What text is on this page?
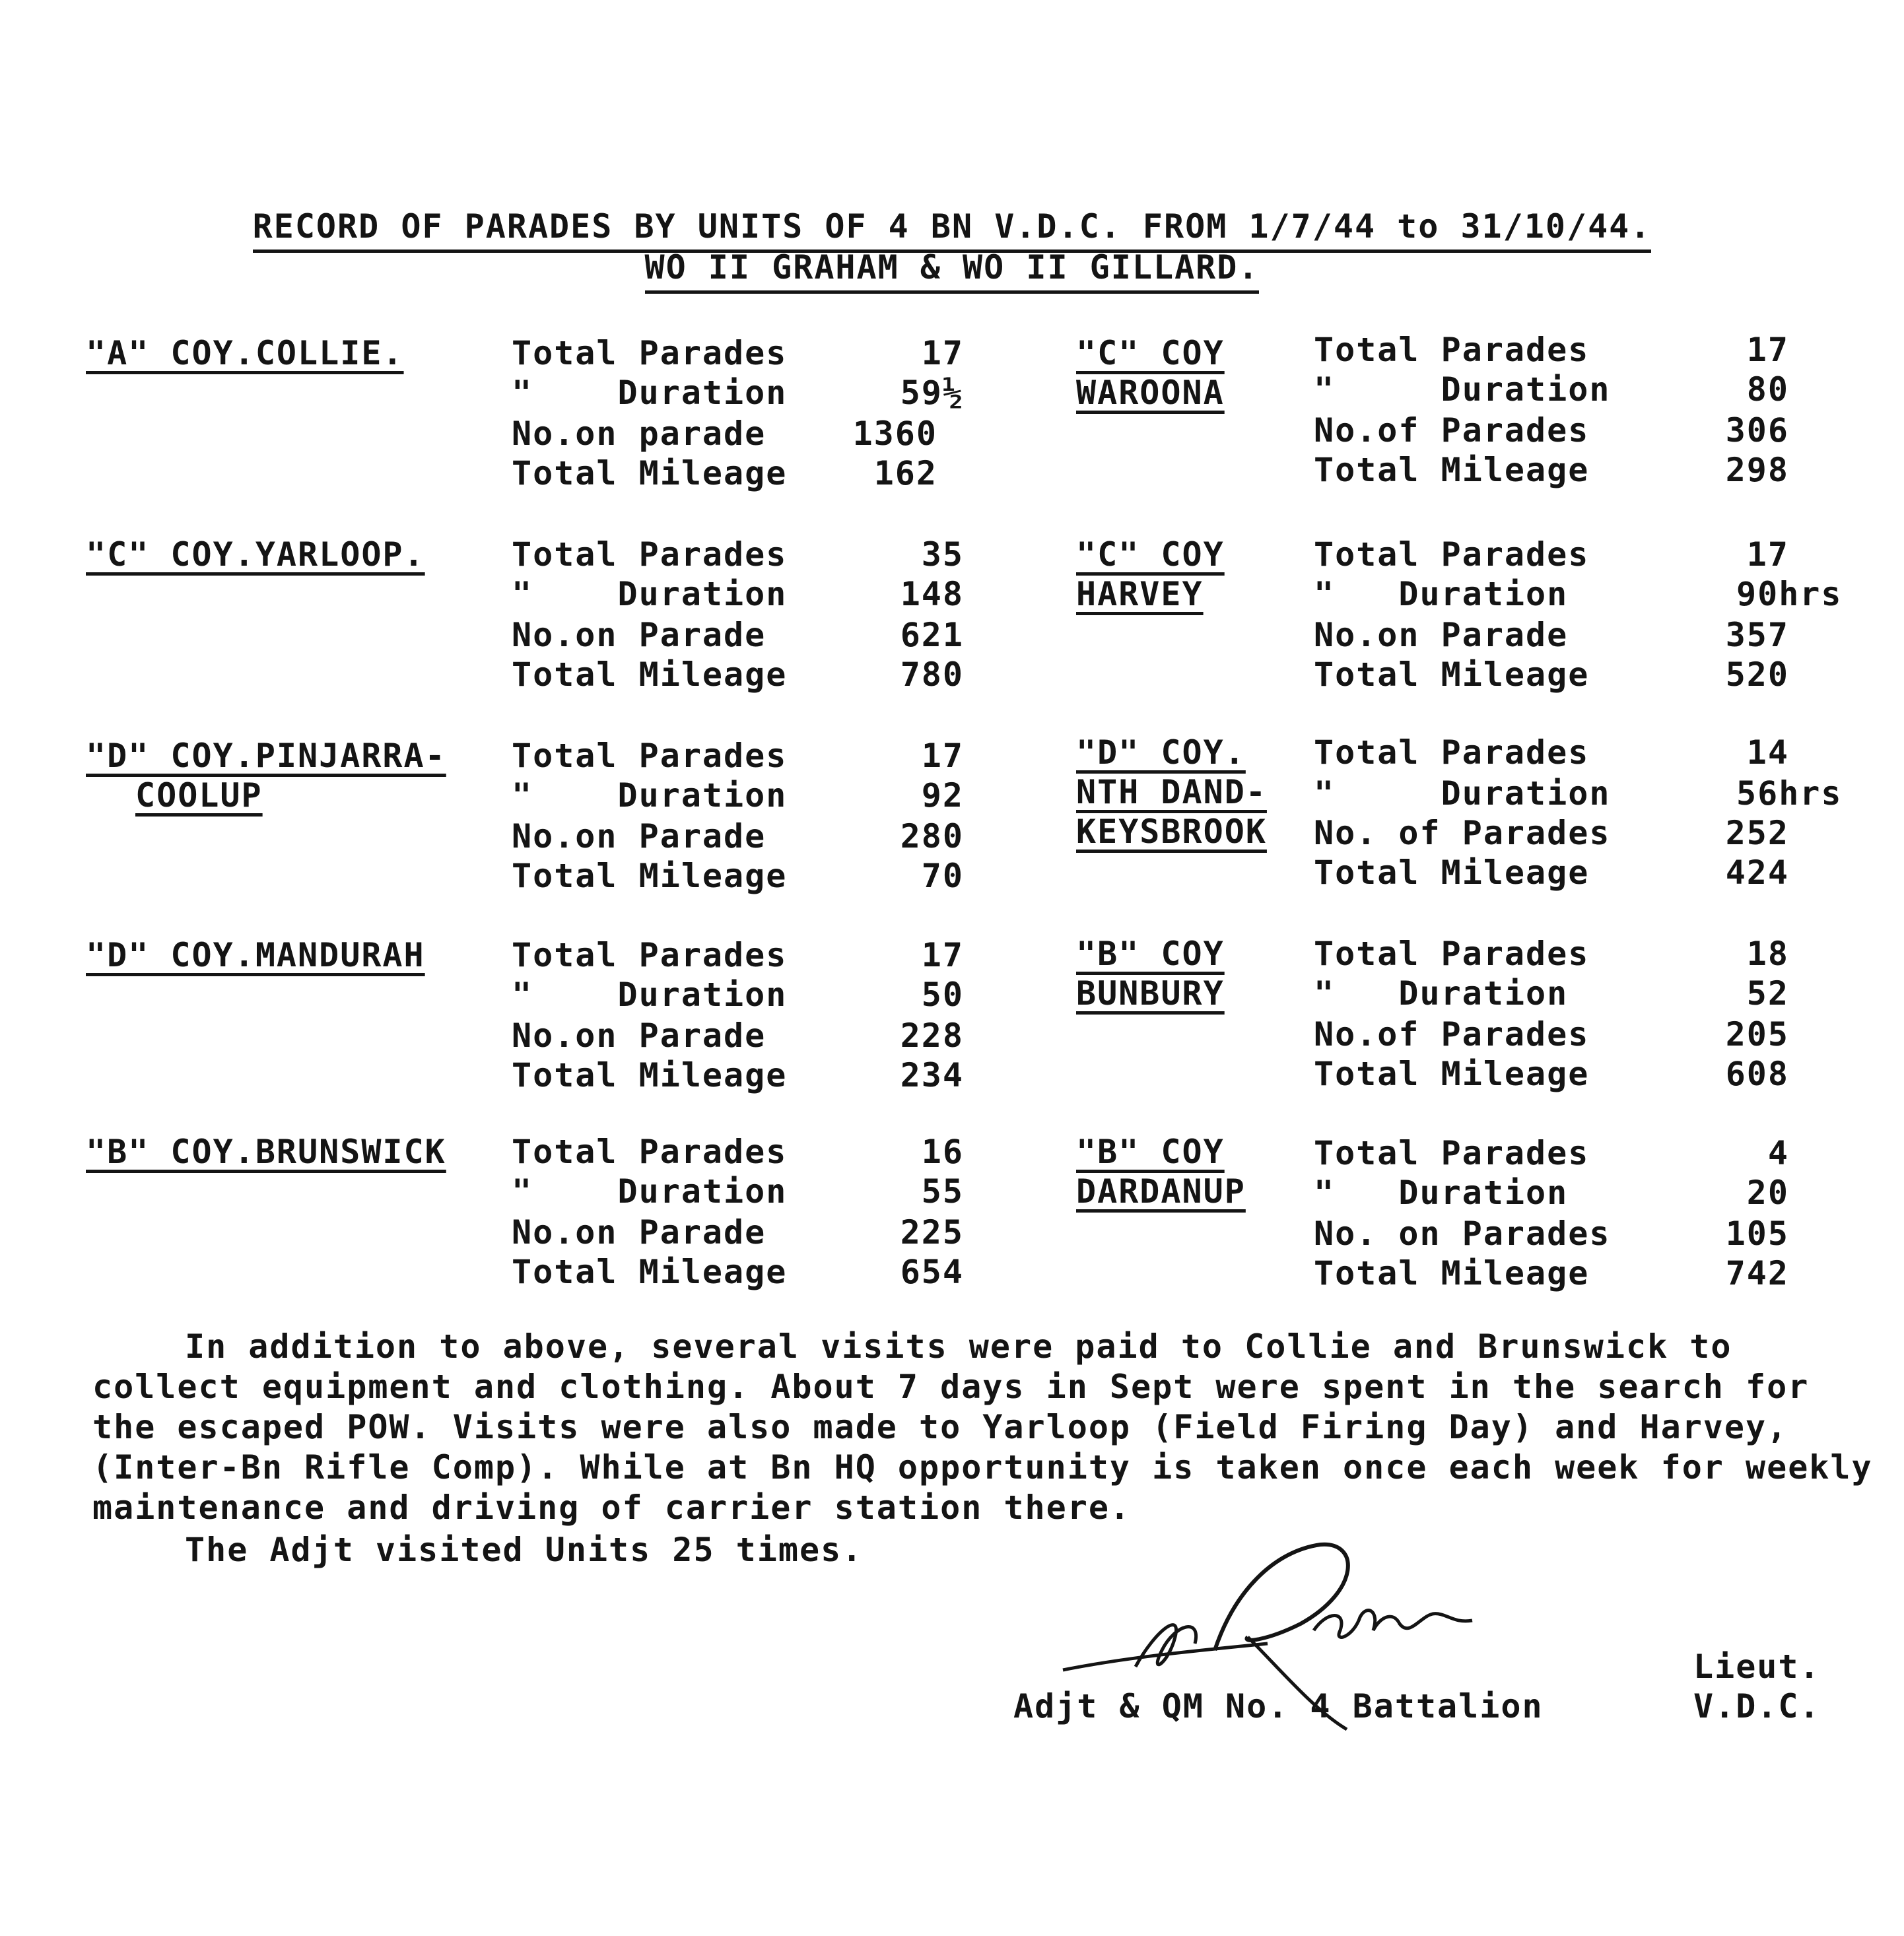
RECORD OF PARADES BY UNITS OF 4 BN V.D.C. FROM 1/7/44 to 31/10/44.
WO II GRAHAM & WO II GILLARD.
"A" COY.COLLIE.	Total Parades	17
"    Duration	59½
No.on parade	1360
Total Mileage	162
"C" COY.YARLOOP.	Total Parades	35
"    Duration	148
No.on Parade	621
Total Mileage	780
"D" COY.PINJARRA-
COOLUP
Total Parades	17
"    Duration	92
No.on Parade	280
Total Mileage	70
"D" COY.MANDURAH	Total Parades	17
"    Duration	50
No.on Parade	228
Total Mileage	234
"B" COY.BRUNSWICK Total Parades	16
"    Duration	55
No.on Parade	225
Total Mileage	654
"C" COY
WAROONA
Total Parades	17
"     Duration	80
No.of Parades	306
Total Mileage	298
"C" COY
HARVEY
Total Parades	17
"   Duration	90hrs
No.on Parade	357
Total Mileage	520
"D" COY.
NTH DAND-
KEYSBROOK
Total Parades	14
"     Duration	56hrs
No. of Parades	252
Total Mileage	424
"B" COY
BUNBURY
Total Parades	18
"   Duration	52
No.of Parades	205
Total Mileage	608
"B" COY
DARDANUP
Total Parades	4
"   Duration	20
No. on Parades	105
Total Mileage	742
In addition to above, several visits were paid to Collie and Brunswick to collect equipment and clothing. About 7 days in Sept were spent in the search for the escaped POW. Visits were also made to Yarloop (Field Firing Day) and Harvey, (Inter-Bn Rifle Comp). While at Bn HQ opportunity is taken once each week for weekly maintenance and driving of carrier station there.
The Adjt visited Units 25 times.
Lieut.
Adjt & QM No. 4 Battalion	V.D.C.
